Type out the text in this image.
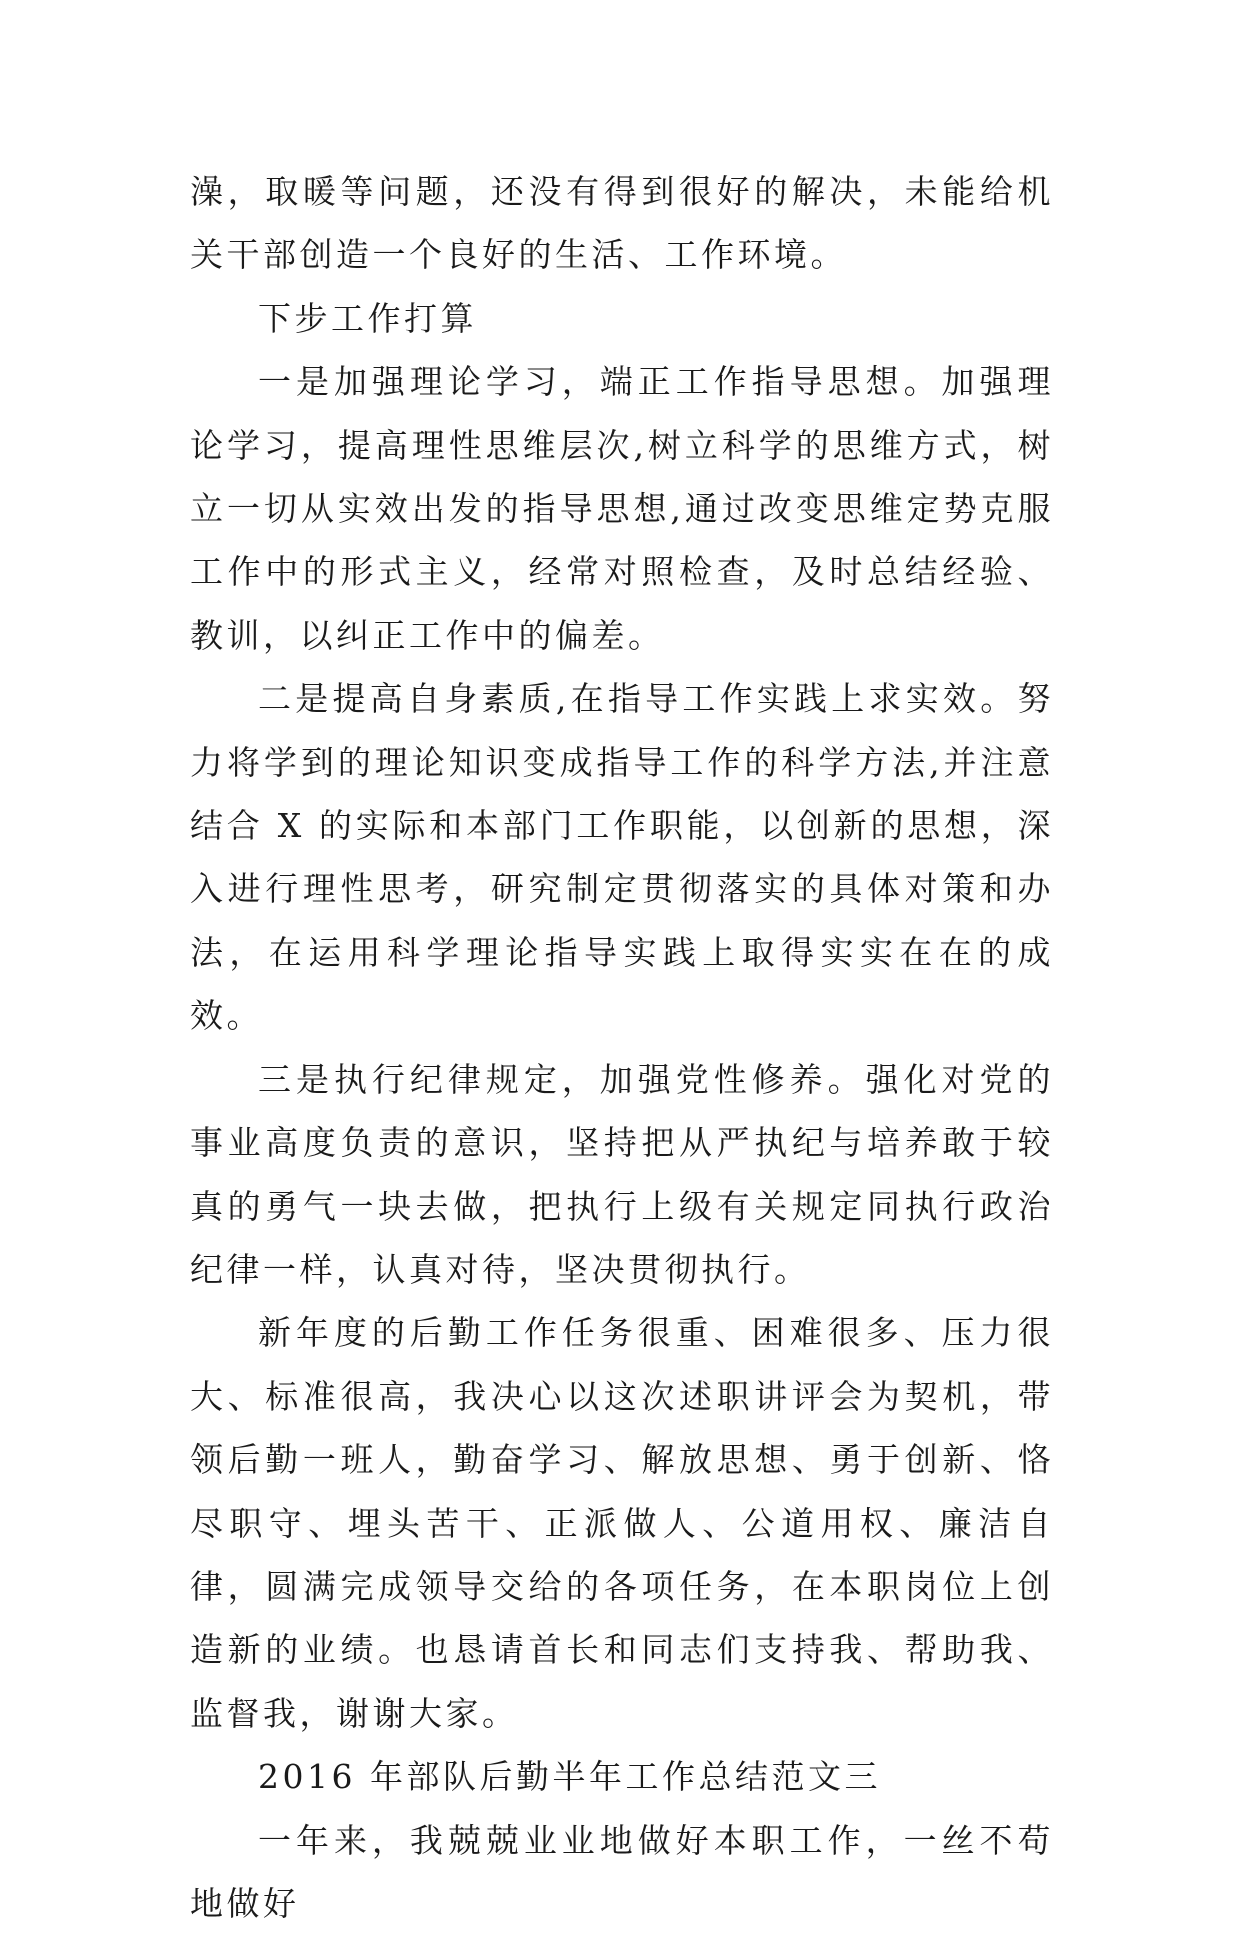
澡，取暖等问题，还没有得到很好的解决，未能给机关干部创造一个良好的生活、工作环境。

下步工作打算

一是加强理论学习，端正工作指导思想。加强理论学习，提高理性思维层次,树立科学的思维方式，树立一切从实效出发的指导思想,通过改变思维定势克服工作中的形式主义，经常对照检查，及时总结经验、教训，以纠正工作中的偏差。

二是提高自身素质,在指导工作实践上求实效。努力将学到的理论知识变成指导工作的科学方法,并注意结合 X 的实际和本部门工作职能，以创新的思想，深入进行理性思考，研究制定贯彻落实的具体对策和办法，在运用科学理论指导实践上取得实实在在的成效。

三是执行纪律规定，加强党性修养。强化对党的事业高度负责的意识，坚持把从严执纪与培养敢于较真的勇气一块去做，把执行上级有关规定同执行政治纪律一样，认真对待，坚决贯彻执行。

新年度的后勤工作任务很重、困难很多、压力很大、标准很高，我决心以这次述职讲评会为契机，带领后勤一班人，勤奋学习、解放思想、勇于创新、恪尽职守、埋头苦干、正派做人、公道用权、廉洁自律，圆满完成领导交给的各项任务，在本职岗位上创造新的业绩。也恳请首长和同志们支持我、帮助我、监督我，谢谢大家。

2016 年部队后勤半年工作总结范文三

一年来，我兢兢业业地做好本职工作，一丝不苟地做好
